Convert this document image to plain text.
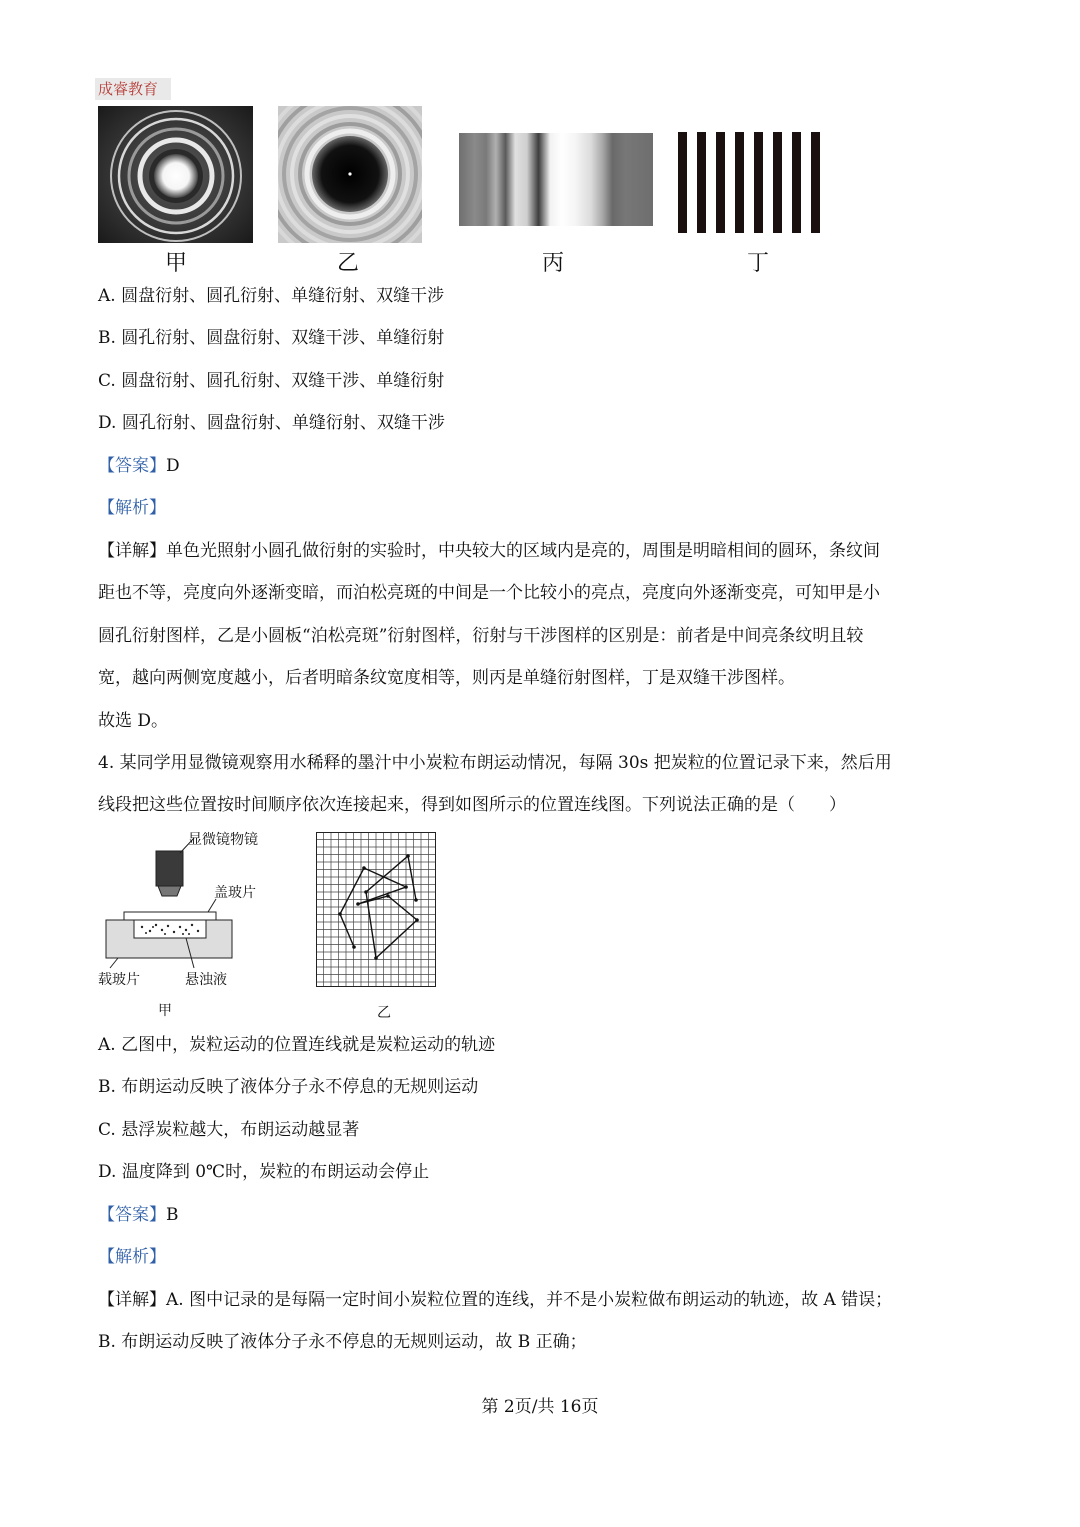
成睿教育
甲	乙	丙	丁
A. 圆盘衍射、圆孔衍射、单缝衍射、双缝干涉
B. 圆孔衍射、圆盘衍射、双缝干涉、单缝衍射
C. 圆盘衍射、圆孔衍射、双缝干涉、单缝衍射
D. 圆孔衍射、圆盘衍射、单缝衍射、双缝干涉
【答案】D
【解析】
【详解】单色光照射小圆孔做衍射的实验时，中央较大的区域内是亮的，周围是明暗相间的圆环，条纹间
距也不等，亮度向外逐渐变暗，而泊松亮斑的中间是一个比较小的亮点，亮度向外逐渐变亮，可知甲是小
圆孔衍射图样，乙是小圆板“泊松亮斑”衍射图样，衍射与干涉图样的区别是：前者是中间亮条纹明且较
宽，越向两侧宽度越小，后者明暗条纹宽度相等，则丙是单缝衍射图样，丁是双缝干涉图样。
故选 D。
4. 某同学用显微镜观察用水稀释的墨汁中小炭粒布朗运动情况，每隔 30s 把炭粒的位置记录下来，然后用
线段把这些位置按时间顺序依次连接起来，得到如图所示的位置连线图。下列说法正确的是（　　）
显微镜物镜
盖玻片
载玻片	悬浊液
甲	乙
A. 乙图中，炭粒运动的位置连线就是炭粒运动的轨迹
B. 布朗运动反映了液体分子永不停息的无规则运动
C. 悬浮炭粒越大，布朗运动越显著
D. 温度降到 0℃时，炭粒的布朗运动会停止
【答案】B
【解析】
【详解】A. 图中记录的是每隔一定时间小炭粒位置的连线，并不是小炭粒做布朗运动的轨迹，故 A 错误；
B. 布朗运动反映了液体分子永不停息的无规则运动，故 B 正确；
第 2页/共 16页
